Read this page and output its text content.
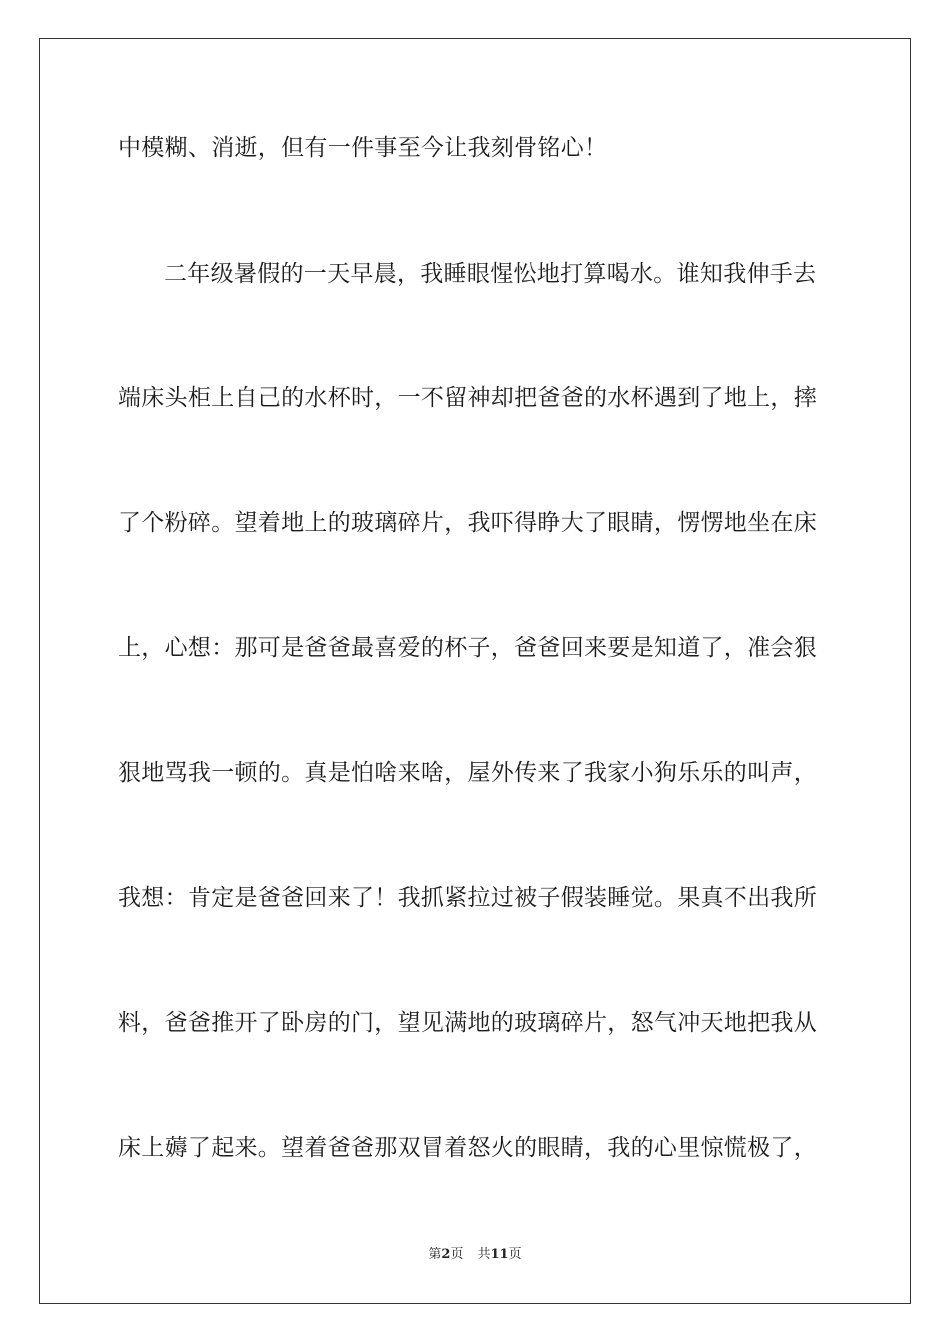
中模糊、消逝，但有一件事至今让我刻骨铭心！
二年级暑假的一天早晨，我睡眼惺忪地打算喝水。谁知我伸手去
端床头柜上自己的水杯时，一不留神却把爸爸的水杯遇到了地上，摔
了个粉碎。望着地上的玻璃碎片，我吓得睁大了眼睛，愣愣地坐在床
上，心想：那可是爸爸最喜爱的杯子，爸爸回来要是知道了，准会狠
狠地骂我一顿的。真是怕啥来啥，屋外传来了我家小狗乐乐的叫声，
我想：肯定是爸爸回来了！我抓紧拉过被子假装睡觉。果真不出我所
料，爸爸推开了卧房的门，望见满地的玻璃碎片，怒气冲天地把我从
床上薅了起来。望着爸爸那双冒着怒火的眼睛，我的心里惊慌极了，
第2页 共11页
